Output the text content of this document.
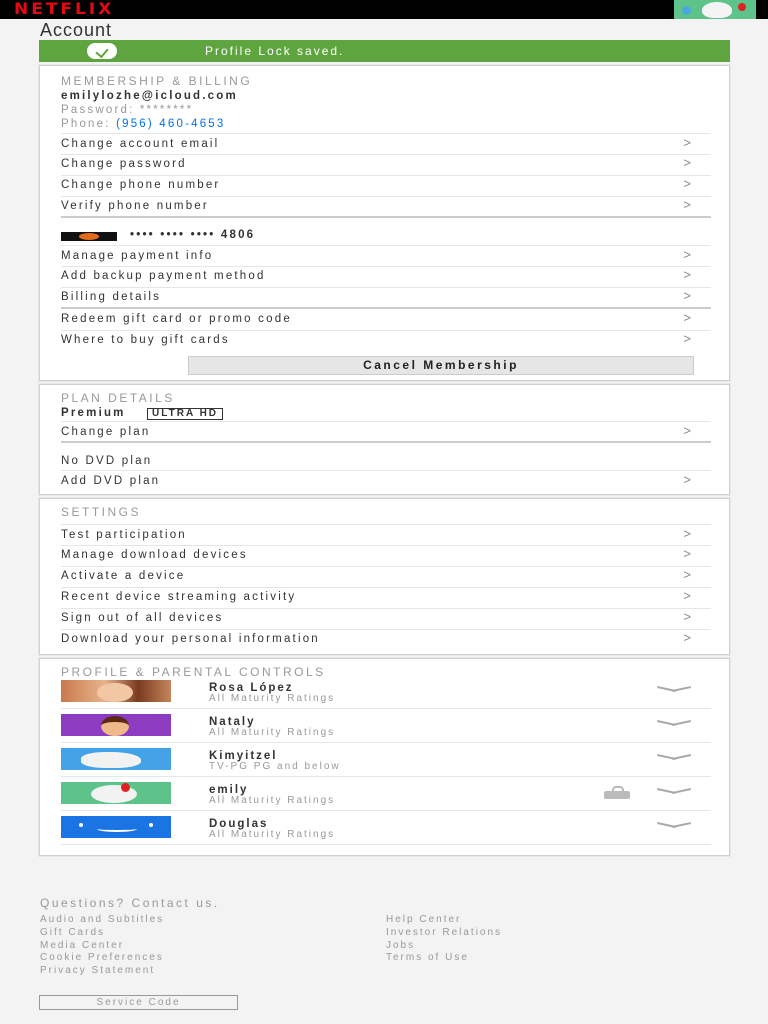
NETFLIX
Account
Profile Lock saved.
MEMBERSHIP & BILLING
emilylozhe@icloud.com
Password: ********
Phone: (956) 460-4653
Change account email	>
Change password	>
Change phone number	>
Verify phone number	>
•••• •••• •••• 4806
Manage payment info	>
Add backup payment method	>
Billing details	>
Redeem gift card or promo code	>
Where to buy gift cards	>
Cancel Membership
PLAN DETAILS
Premium	ULTRA HD
Change plan	>
No DVD plan
Add DVD plan	>
SETTINGS
Test participation	>
Manage download devices	>
Activate a device	>
Recent device streaming activity	>
Sign out of all devices	>
Download your personal information	>
PROFILE & PARENTAL CONTROLS
Rosa López
All Maturity Ratings
Nataly
All Maturity Ratings
Kimyitzel
TV-PG PG and below
emily
All Maturity Ratings
Douglas
All Maturity Ratings
Questions? Contact us.
Audio and Subtitles
Gift Cards
Media Center
Cookie Preferences
Privacy Statement
Help Center
Investor Relations
Jobs
Terms of Use
Service Code
